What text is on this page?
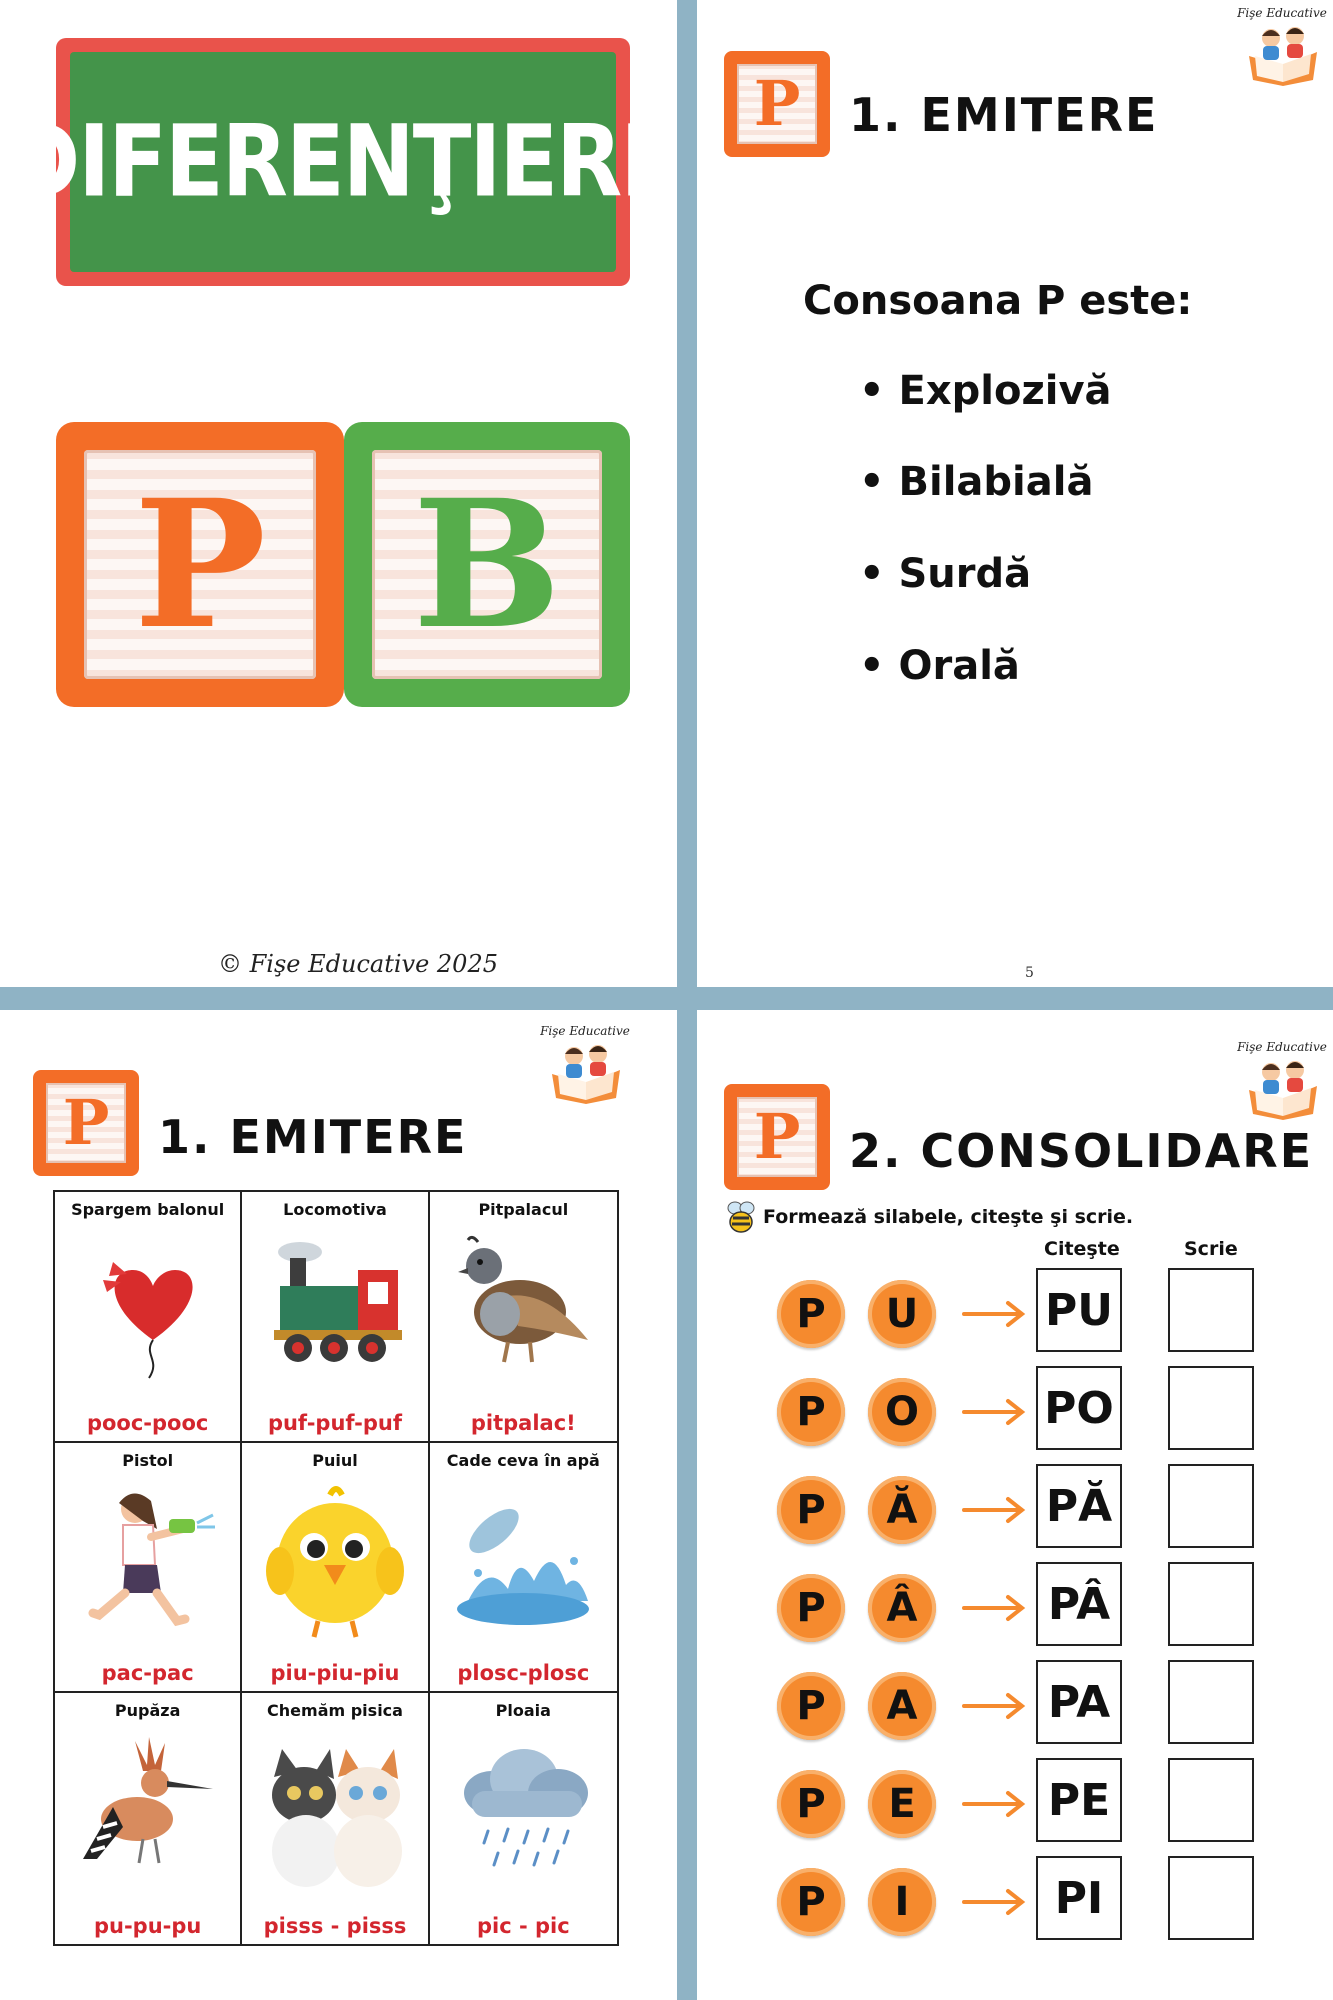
DIFERENŢIERE
P B
© Fişe Educative 2025
Fişe Educative
P 1. EMITERE
Consoana P este:
• Explozivă
• Bilabială
• Surdă
• Orală
5
Fişe Educative
P 1. EMITERE
Spargem balonul
pooc-pooc
Locomotiva
puf-puf-puf
Pitpalacul
pitpalac!
Pistol
pac-pac
Puiul
piu-piu-piu
Cade ceva în apă
plosc-plosc
Pupăza
pu-pu-pu
Chemăm pisica
pisss - pisss
Ploaia
pic - pic
Fişe Educative
P 2. CONSOLIDARE
Formează silabele, citeşte şi scrie.
Citeşte	Scrie
P	U	PU
P	O	PO
P	Ă	PĂ
P	Â	PÂ
P	A	PA
P	E	PE
P	I	PI
